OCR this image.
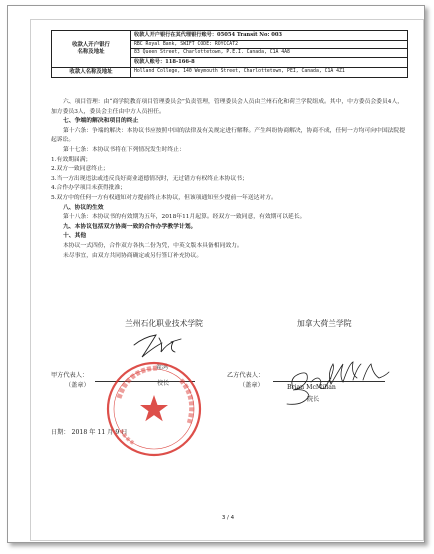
收款人开户银行
名称及地址	收款人开户银行在其代理银行账号：05054 Transit No: 003
	RBC Royal Bank, SWIFT CODE: ROYCCAT2
	83 Queen Street, Charlottetown, P.E.I. Canada, C1A 4A8
	收款人账号：118-166-8
收款人名称及地址	Holland College, 140 Weymouth Street, Charlottetown, PEI, Canada, C1A 4Z1

六、项目管理：由“商学院教育项目管理委员会”负责管理，管理委员会人员由兰州石化和荷兰学院组成。其中，中方委员会委员4人，加方委员3人，委员会主任由中方人员担任。

七、争端的解决和项目的终止

第十六条：争端的解决：本协议书应按照中国的法律及有关规定进行解释。产生纠纷协商解决，协商不成，任何一方均可向中国法院提起诉讼。

第十七条：本协议书将在下列情况发生时终止：

1.有效期届满；

2.双方一致同意终止；

3.当一方出现违法或违反良好商业道德情况时，无过错方有权终止本协议书；

4.合作办学项目未获得批准；

5.双方中的任何一方有权通知对方提前终止本协议，但该项通知至少提前一年送达对方。

八、协议的生效

第十八条：本协议书的有效期为五年，2018年11月起算。经双方一致同意，有效期可以延长。

九、本协议包括双方协商一致的合作办学教学计划。

十、其他

本协议一式四份，合作双方各执二份为凭，中英文版本具备相同效力。

未尽事宜，由双方共同协商确定或另行签订补充协议。

兰州石化职业技术学院	加拿大荷兰学院
甲方代表人：
（盖章）
翟鸿
校长
乙方代表人：
（盖章）	Brian McMillan
院长
日期： 2018 年 11 月 9 日
3 / 4
